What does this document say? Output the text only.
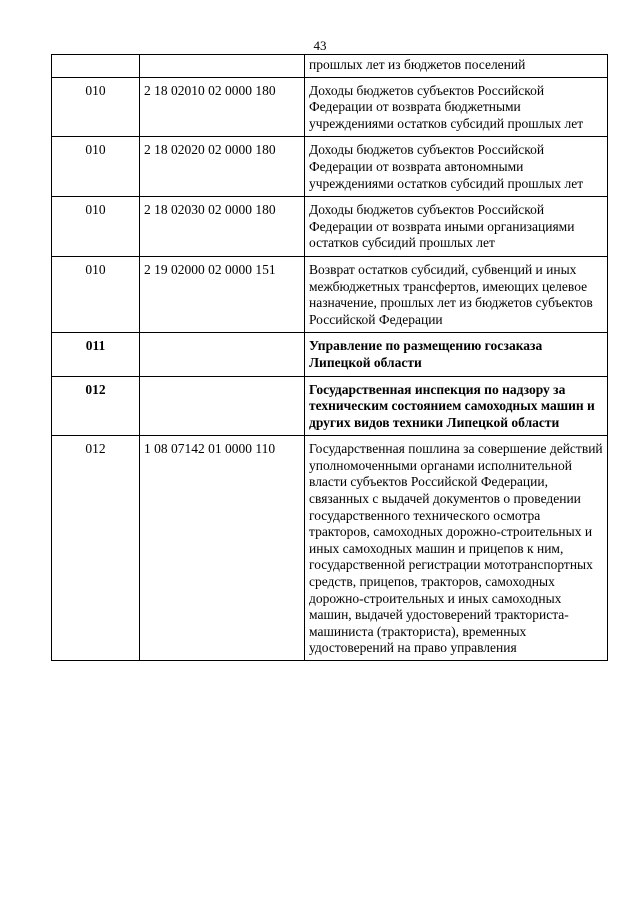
43
		прошлых лет из бюджетов поселений
010	2 18 02010 02 0000 180	Доходы бюджетов субъектов Российской Федерации от возврата бюджетными учреждениями остатков субсидий прошлых лет
010	2 18 02020 02 0000 180	Доходы бюджетов субъектов Российской Федерации от возврата автономными учреждениями остатков субсидий прошлых лет
010	2 18 02030 02 0000 180	Доходы бюджетов субъектов Российской Федерации от возврата иными организациями остатков субсидий прошлых лет
010	2 19 02000 02 0000 151	Возврат остатков субсидий, субвенций и иных межбюджетных трансфертов, имеющих целевое назначение, прошлых лет из бюджетов субъектов Российской Федерации
011		Управление по размещению госзаказа Липецкой области
012		Государственная инспекция по надзору за техническим состоянием самоходных машин и других видов техники Липецкой области
012	1 08 07142 01 0000 110	Государственная пошлина за совершение действий уполномоченными органами исполнительной власти субъектов Российской Федерации, связанных с выдачей документов о проведении государственного технического осмотра тракторов, самоходных дорожно-строительных и иных самоходных машин и прицепов к ним, государственной регистрации мототранспортных средств, прицепов, тракторов, самоходных дорожно-строительных и иных самоходных машин, выдачей удостоверений тракториста-машиниста (тракториста), временных удостоверений на право управления
